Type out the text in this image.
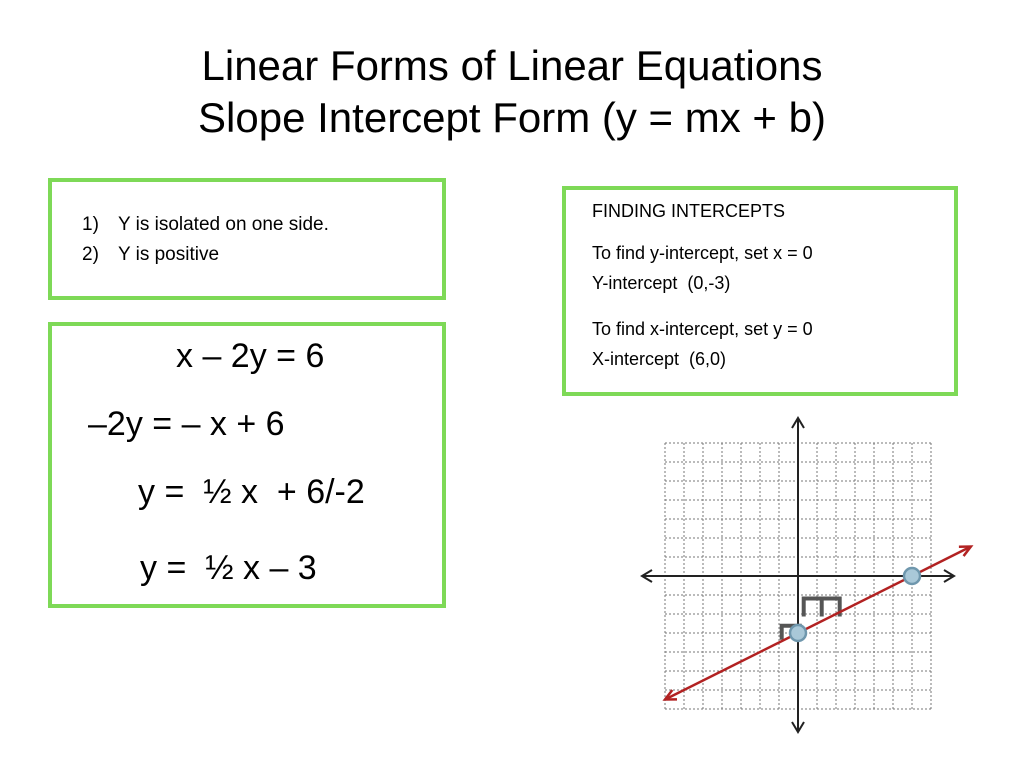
Linear Forms of Linear Equations
Slope Intercept Form (y = mx + b)
1) Y is isolated on one side.
2) Y is positive
x – 2y = 6
–2y = – x + 6
y =  ½ x  + 6/-2
y =  ½ x – 3
FINDING INTERCEPTS
To find y-intercept, set x = 0
Y-intercept  (0,-3)
To find x-intercept, set y = 0
X-intercept  (6,0)
